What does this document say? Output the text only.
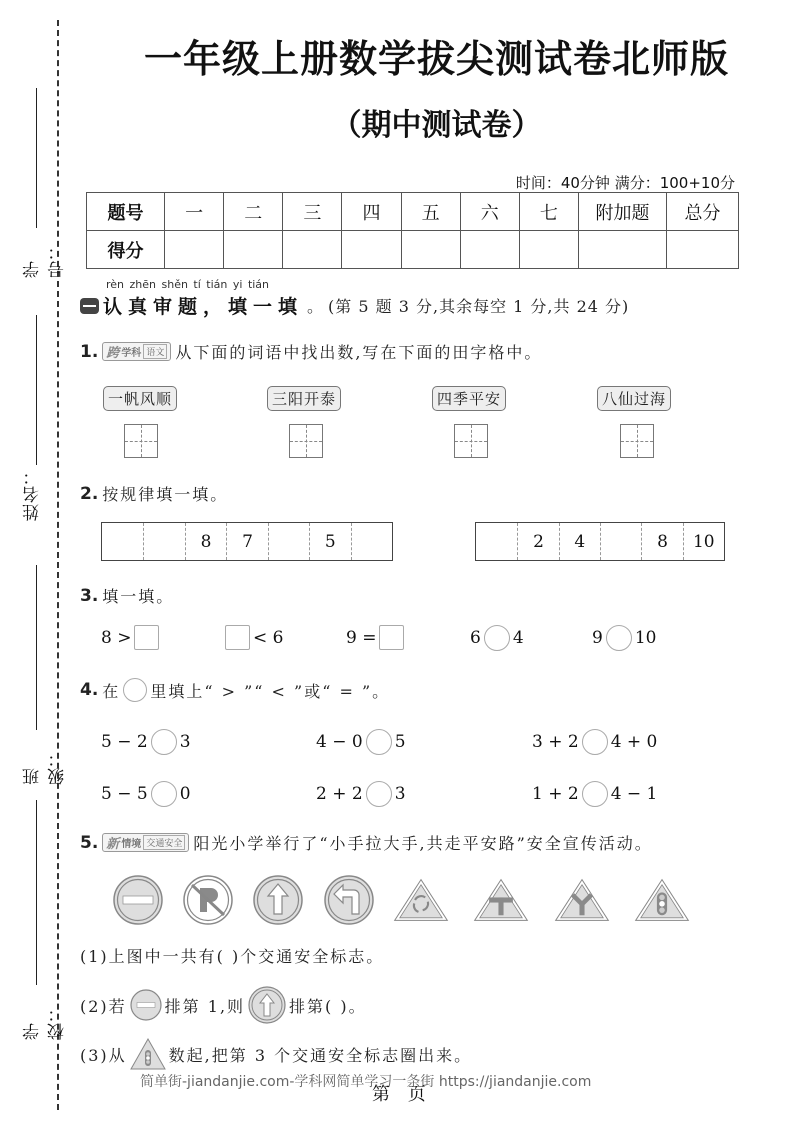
学号：
姓名：
班级：
学校：
一年级上册数学拔尖测试卷北师版
（期中测试卷）
时间：40分钟 满分：100+10分
题号	一	二	三	四	五	六	七	附加题	总分
得分									
rèn zhēn shěn tí tián yi tián
认真审题，填一填 。 (第 5 题 3 分,其余每空 1 分,共 24 分)
1. 跨 学科 语文 从下面的词语中找出数,写在下面的田字格中。
一帆风顺	三阳开泰	四季平安	八仙过海
2. 按规律填一填。
8	7	5	2	4	8	10
3. 填一填。
8 >	< 6	9 =	6 4	9 10
4. 在 里填上“ > ”“ < ”或“ = ”。
5 − 2 3	4 − 0 5	3 + 2 4 + 0
5 − 5 0	2 + 2 3	1 + 2 4 − 1
5. 新 情境 交通安全 阳光小学举行了“小手拉大手,共走平安路”安全宣传活动。
(1)上图中一共有( )个交通安全标志。
(2)若 排第 1,则	排第( )。
(3)从	数起,把第 3 个交通安全标志圈出来。
简单街-jiandanjie.com-学科网简单学习一条街 https://jiandanjie.com
第 页
